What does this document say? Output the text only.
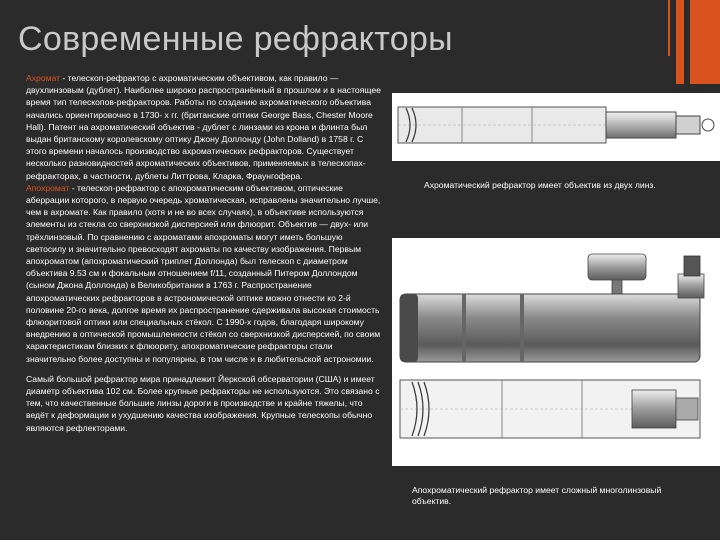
Современные рефракторы

Ахромат - телескоп-рефрактор с ахроматическим объективом, как правило — двухлинзовым (дублет). Наиболее широко распространённый в прошлом и в настоящее время тип телескопов-рефракторов. Работы по созданию ахроматического объектива начались ориентировочно в 1730- х гг. (британские оптики George Bass, Chester Moore Hall). Патент на ахроматический объектив - дублет с линзами из крона и флинта был выдан британскому королевскому оптику Джону Доллонду (John Dolland) в 1758 г. С этого времени началось производство ахроматических рефракторов. Существует несколько разновидностей ахроматических объективов, применяемых в телескопах-рефракторах, в частности, дублеты Литтрова, Кларка, Фраунгофера.

Апохромат - телескоп-рефрактор с апохроматическим объективом, оптические аберрации которого, в первую очередь хроматическая, исправлены значительно лучше, чем в ахромате. Как правило (хотя и не во всех случаях), в объективе используются элементы из стекла со сверхнизкой дисперсией или флюорит. Объектив — двух- или трёхлинзовый. По сравнению с ахроматами апохроматы могут иметь большую светосилу и значительно превосходят ахроматы по качеству изображения. Первым апохроматом (апохроматический триплет Доллонда) был телескоп с диаметром объектива 9.53 см и фокальным отношением f/11, созданный Питером Доллондом (сыном Джона Доллонда) в Великобритании в 1763 г. Распространение апохроматических рефракторов в астрономической оптике можно отнести ко 2-й половине 20-го века, долгое время их распространение сдерживала высокая стоимость флюоритовой оптики или специальных стёкол. С 1990-х годов, благодаря широкому внедрению в оптической промышленности стёкол со сверхнизкой дисперсией, по своим характеристикам близких к флюориту, апохроматические рефракторы стали значительно более доступны и популярны, в том числе и в любительской астрономии.

Самый большой рефрактор мира принадлежит Йеркской обсерватории (США) и имеет диаметр объектива 102 см. Более крупные рефракторы не используются. Это связано с тем, что качественные большие линзы дороги в производстве и крайне тяжелы, что ведёт к деформации и ухудшению качества изображения. Крупные телескопы обычно являются рефлекторами.

Ахроматический рефрактор имеет объектив из двух линз.
Апохроматический рефрактор имеет сложный многолинзовый объектив.
